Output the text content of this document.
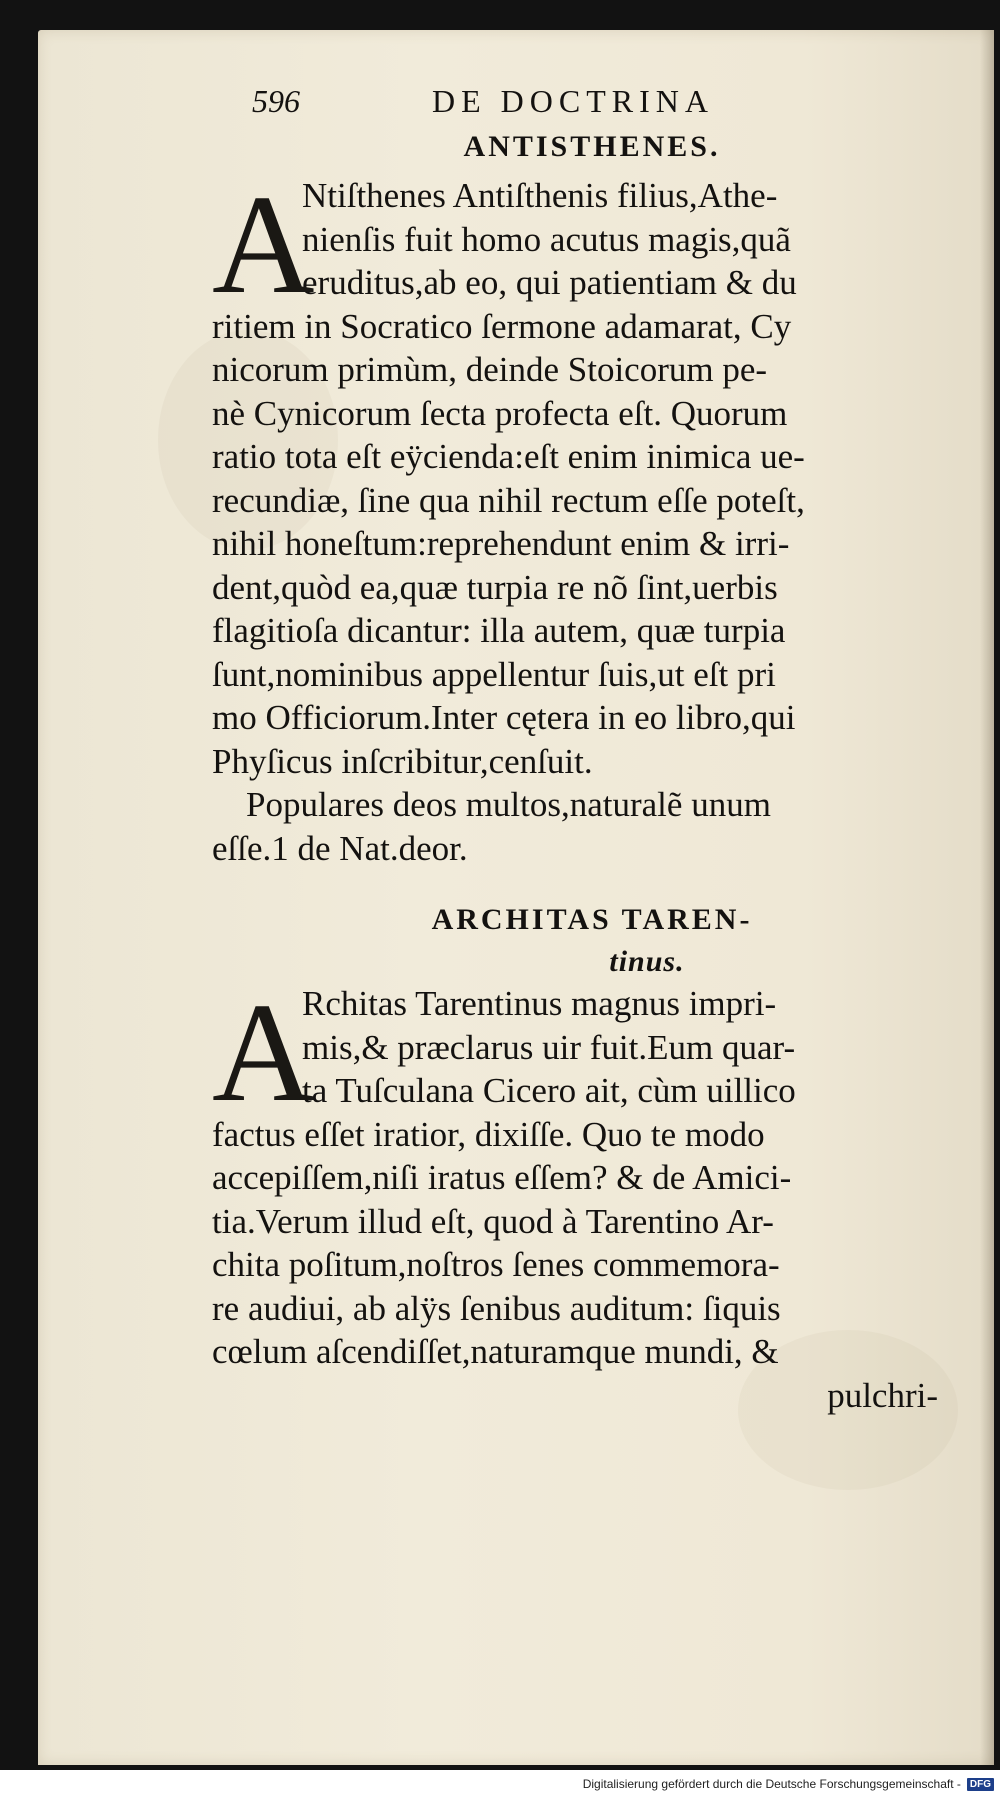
596	DE DOCTRINA
ANTISTHENES.
A
Ntiſthenes Antiſthenis filius,Athe-
nienſis fuit homo acutus magis,quã
eruditus,ab eo, qui patientiam & du
ritiem in Socratico ſermone adamarat, Cy
nicorum primùm, deinde Stoicorum pe-
nè Cynicorum ſecta profecta eſt. Quorum
ratio tota eſt eÿcienda:eſt enim inimica ue-
recundiæ, ſine qua nihil rectum eſſe poteſt,
nihil honeſtum:reprehendunt enim & irri-
dent,quòd ea,quæ turpia re nõ ſint,uerbis
flagitioſa dicantur: illa autem, quæ turpia
ſunt,nominibus appellentur ſuis,ut eſt pri
mo Officiorum.Inter cętera in eo libro,qui
Phyſicus inſcribitur,cenſuit.
Populares deos multos,naturalẽ unum
eſſe.1 de Nat.deor.
ARCHITAS TAREN-
tinus.
A
Rchitas Tarentinus magnus impri-
mis,& præclarus uir fuit.Eum quar-
ta Tuſculana Cicero ait, cùm uillico
factus eſſet iratior, dixiſſe. Quo te modo
accepiſſem,niſi iratus eſſem? & de Amici-
tia.Verum illud eſt, quod à Tarentino Ar-
chita poſitum,noſtros ſenes commemora-
re audiui, ab alÿs ſenibus auditum: ſiquis
cœlum aſcendiſſet,naturamque mundi, &
pulchri-
Digitalisierung gefördert durch die Deutsche Forschungsgemeinschaft - DFG
